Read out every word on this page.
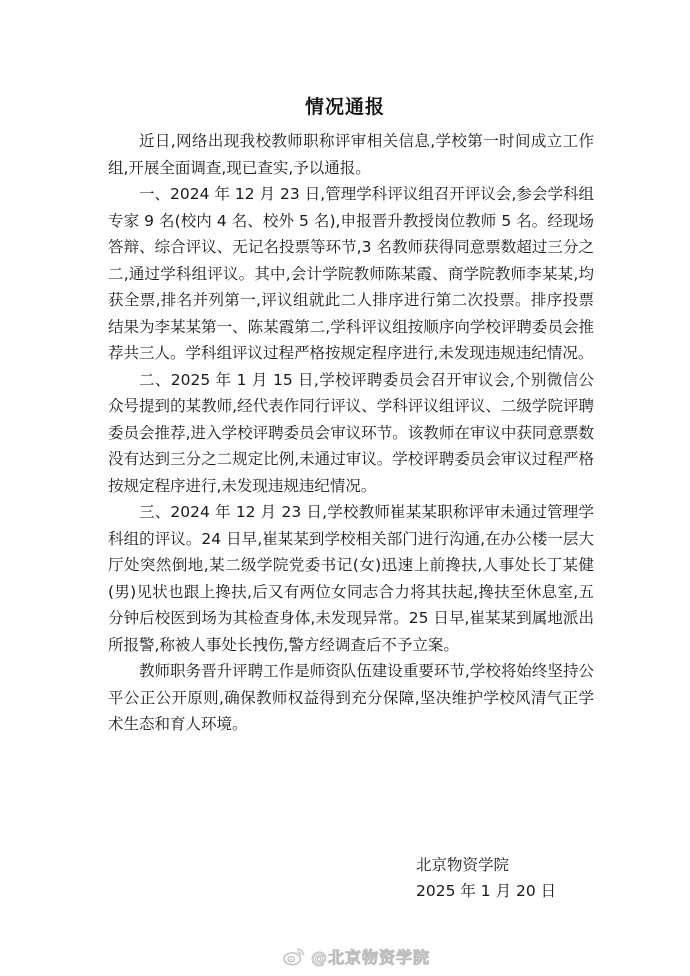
情况通报

近日,网络出现我校教师职称评审相关信息,学校第一时间成立工作组,开展全面调查,现已查实,予以通报。

一、2024 年 12 月 23 日,管理学科评议组召开评议会,参会学科组专家 9 名(校内 4 名、校外 5 名),申报晋升教授岗位教师 5 名。经现场答辩、综合评议、无记名投票等环节,3 名教师获得同意票数超过三分之二,通过学科组评议。其中,会计学院教师陈某霞、商学院教师李某某,均获全票,排名并列第一,评议组就此二人排序进行第二次投票。排序投票结果为李某某第一、陈某霞第二,学科评议组按顺序向学校评聘委员会推荐共三人。学科组评议过程严格按规定程序进行,未发现违规违纪情况。

二、2025 年 1 月 15 日,学校评聘委员会召开审议会,个别微信公众号提到的某教师,经代表作同行评议、学科评议组评议、二级学院评聘委员会推荐,进入学校评聘委员会审议环节。该教师在审议中获同意票数没有达到三分之二规定比例,未通过审议。学校评聘委员会审议过程严格按规定程序进行,未发现违规违纪情况。

三、2024 年 12 月 23 日,学校教师崔某某职称评审未通过管理学科组的评议。24 日早,崔某某到学校相关部门进行沟通,在办公楼一层大厅处突然倒地,某二级学院党委书记(女)迅速上前搀扶,人事处长丁某健(男)见状也跟上搀扶,后又有两位女同志合力将其扶起,搀扶至休息室,五分钟后校医到场为其检查身体,未发现异常。25 日早,崔某某到属地派出所报警,称被人事处长拽伤,警方经调查后不予立案。

教师职务晋升评聘工作是师资队伍建设重要环节,学校将始终坚持公平公正公开原则,确保教师权益得到充分保障,坚决维护学校风清气正学术生态和育人环境。

北京物资学院
2025 年 1 月 20 日
@北京物资学院
